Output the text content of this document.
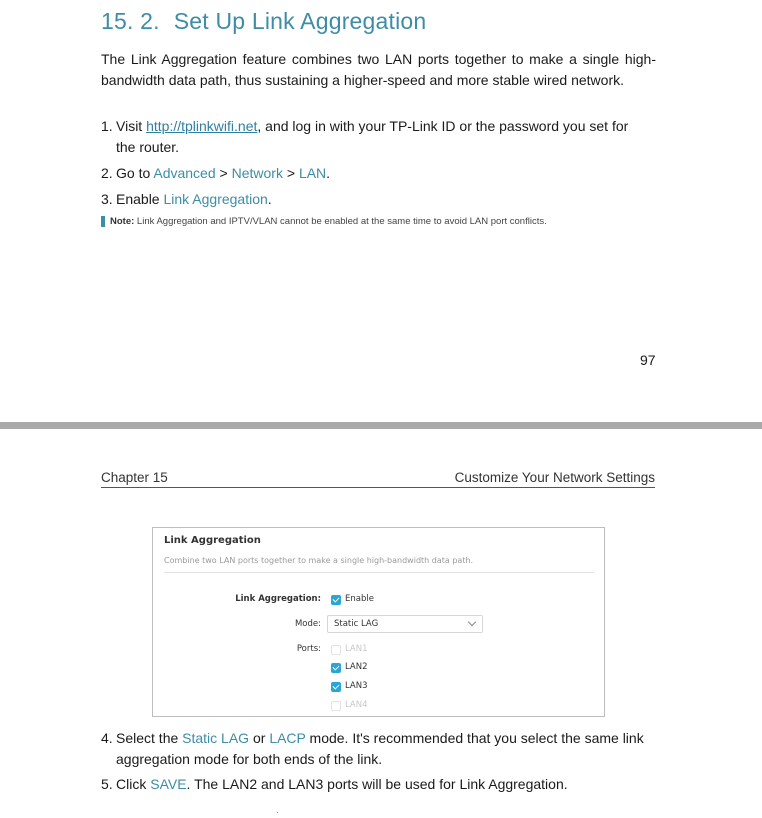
15. 2. Set Up Link Aggregation

The Link Aggregation feature combines two LAN ports together to make a single high-bandwidth data path, thus sustaining a higher-speed and more stable wired network.

1. Visit http://tplinkwifi.net, and log in with your TP-Link ID or the password you set for
the router.
2. Go to Advanced > Network > LAN.
3. Enable Link Aggregation.
Note: Link Aggregation and IPTV/VLAN cannot be enabled at the same time to avoid LAN port conflicts.
97
Chapter 15	Customize Your Network Settings
Link Aggregation
Combine two LAN ports together to make a single high-bandwidth data path.
Link Aggregation:	Enable
Mode:	Static LAG
Ports:	LAN1
LAN2
LAN3
LAN4
4. Select the Static LAG or LACP mode. It's recommended that you select the same link
aggregation mode for both ends of the link.
5. Click SAVE. The LAN2 and LAN3 ports will be used for Link Aggregation.
